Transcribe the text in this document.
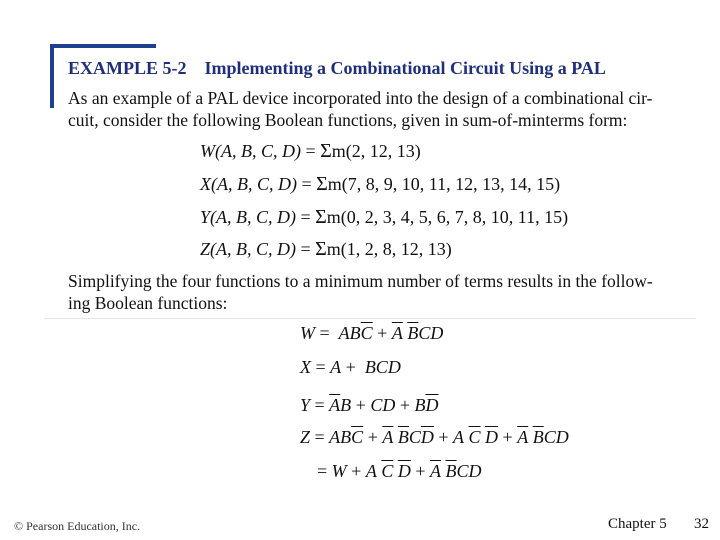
EXAMPLE 5-2 Implementing a Combinational Circuit Using a PAL
As an example of a PAL device incorporated into the design of a combinational cir-
cuit, consider the following Boolean functions, given in sum-of-minterms form:
W(A, B, C, D) = Σm(2, 12, 13)
X(A, B, C, D) = Σm(7, 8, 9, 10, 11, 12, 13, 14, 15)
Y(A, B, C, D) = Σm(0, 2, 3, 4, 5, 6, 7, 8, 10, 11, 15)
Z(A, B, C, D) = Σm(1, 2, 8, 12, 13)
Simplifying the four functions to a minimum number of terms results in the follow-
ing Boolean functions:
$W = AB\overline{C} + \overline{A}$ $\overline{B}CD$
X = A +  BCD
$Y = \overline{A}B$ + CD + $B\overline{D}$
$Z = AB\overline{C} + \overline{A}$ $\overline{B}C\overline{D} + A$ $\overline{C}$ $\overline{D} + \overline{A}$ $\overline{B}CD$
= W + A $\overline{C}$ $\overline{D} + \overline{A}$ $\overline{B}CD$
© Pearson Education, Inc.	Chapter 5 32
